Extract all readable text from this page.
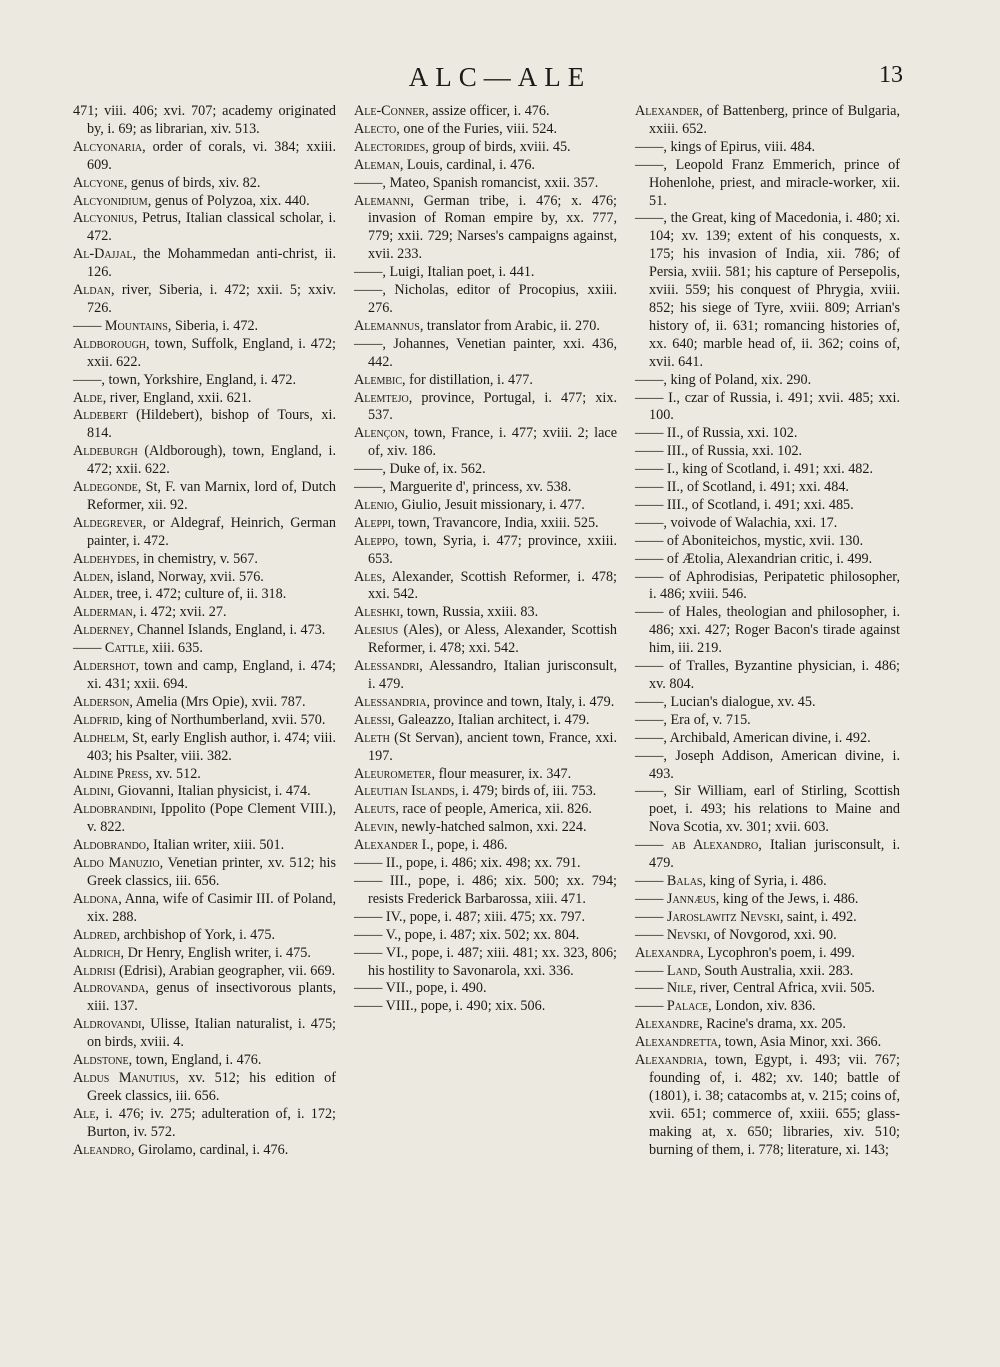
ALC—ALE	13

471; viii. 406; xvi. 707; academy originated by, i. 69; as librarian, xiv. 513.

Alcyonaria, order of corals, vi. 384; xxiii. 609.

Alcyone, genus of birds, xiv. 82.

Alcyonidium, genus of Polyzoa, xix. 440.

Alcyonius, Petrus, Italian classical scholar, i. 472.

Al-Dajjal, the Mohammedan anti-christ, ii. 126.

Aldan, river, Siberia, i. 472; xxii. 5; xxiv. 726.

—— Mountains, Siberia, i. 472.

Aldborough, town, Suffolk, England, i. 472; xxii. 622.

——, town, Yorkshire, England, i. 472.

Alde, river, England, xxii. 621.

Aldebert (Hildebert), bishop of Tours, xi. 814.

Aldeburgh (Aldborough), town, England, i. 472; xxii. 622.

Aldegonde, St, F. van Marnix, lord of, Dutch Reformer, xii. 92.

Aldegrever, or Aldegraf, Heinrich, German painter, i. 472.

Aldehydes, in chemistry, v. 567.

Alden, island, Norway, xvii. 576.

Alder, tree, i. 472; culture of, ii. 318.

Alderman, i. 472; xvii. 27.

Alderney, Channel Islands, England, i. 473.

—— Cattle, xiii. 635.

Aldershot, town and camp, England, i. 474; xi. 431; xxii. 694.

Alderson, Amelia (Mrs Opie), xvii. 787.

Aldfrid, king of Northumberland, xvii. 570.

Aldhelm, St, early English author, i. 474; viii. 403; his Psalter, viii. 382.

Aldine Press, xv. 512.

Aldini, Giovanni, Italian physicist, i. 474.

Aldobrandini, Ippolito (Pope Clement VIII.), v. 822.

Aldobrando, Italian writer, xiii. 501.

Aldo Manuzio, Venetian printer, xv. 512; his Greek classics, iii. 656.

Aldona, Anna, wife of Casimir III. of Poland, xix. 288.

Aldred, archbishop of York, i. 475.

Aldrich, Dr Henry, English writer, i. 475.

Aldrisi (Edrisi), Arabian geographer, vii. 669.

Aldrovanda, genus of insectivorous plants, xiii. 137.

Aldrovandi, Ulisse, Italian naturalist, i. 475; on birds, xviii. 4.

Aldstone, town, England, i. 476.

Aldus Manutius, xv. 512; his edition of Greek classics, iii. 656.

Ale, i. 476; iv. 275; adulteration of, i. 172; Burton, iv. 572.

Aleandro, Girolamo, cardinal, i. 476.

Ale-Conner, assize officer, i. 476.

Alecto, one of the Furies, viii. 524.

Alectorides, group of birds, xviii. 45.

Aleman, Louis, cardinal, i. 476.

——, Mateo, Spanish romancist, xxii. 357.

Alemanni, German tribe, i. 476; x. 476; invasion of Roman empire by, xx. 777, 779; xxii. 729; Narses's campaigns against, xvii. 233.

——, Luigi, Italian poet, i. 441.

——, Nicholas, editor of Procopius, xxiii. 276.

Alemannus, translator from Arabic, ii. 270.

——, Johannes, Venetian painter, xxi. 436, 442.

Alembic, for distillation, i. 477.

Alemtejo, province, Portugal, i. 477; xix. 537.

Alençon, town, France, i. 477; xviii. 2; lace of, xiv. 186.

——, Duke of, ix. 562.

——, Marguerite d', princess, xv. 538.

Alenio, Giulio, Jesuit missionary, i. 477.

Aleppi, town, Travancore, India, xxiii. 525.

Aleppo, town, Syria, i. 477; province, xxiii. 653.

Ales, Alexander, Scottish Reformer, i. 478; xxi. 542.

Aleshki, town, Russia, xxiii. 83.

Alesius (Ales), or Aless, Alexander, Scottish Reformer, i. 478; xxi. 542.

Alessandri, Alessandro, Italian jurisconsult, i. 479.

Alessandria, province and town, Italy, i. 479.

Alessi, Galeazzo, Italian architect, i. 479.

Aleth (St Servan), ancient town, France, xxi. 197.

Aleurometer, flour measurer, ix. 347.

Aleutian Islands, i. 479; birds of, iii. 753.

Aleuts, race of people, America, xii. 826.

Alevin, newly-hatched salmon, xxi. 224.

Alexander I., pope, i. 486.

—— II., pope, i. 486; xix. 498; xx. 791.

—— III., pope, i. 486; xix. 500; xx. 794; resists Frederick Barbarossa, xiii. 471.

—— IV., pope, i. 487; xiii. 475; xx. 797.

—— V., pope, i. 487; xix. 502; xx. 804.

—— VI., pope, i. 487; xiii. 481; xx. 323, 806; his hostility to Savonarola, xxi. 336.

—— VII., pope, i. 490.

—— VIII., pope, i. 490; xix. 506.

Alexander, of Battenberg, prince of Bulgaria, xxiii. 652.

——, kings of Epirus, viii. 484.

——, Leopold Franz Emmerich, prince of Hohenlohe, priest, and miracle-worker, xii. 51.

——, the Great, king of Macedonia, i. 480; xi. 104; xv. 139; extent of his conquests, x. 175; his invasion of India, xii. 786; of Persia, xviii. 581; his capture of Persepolis, xviii. 559; his conquest of Phrygia, xviii. 852; his siege of Tyre, xviii. 809; Arrian's history of, ii. 631; romancing histories of, xx. 640; marble head of, ii. 362; coins of, xvii. 641.

——, king of Poland, xix. 290.

—— I., czar of Russia, i. 491; xvii. 485; xxi. 100.

—— II., of Russia, xxi. 102.

—— III., of Russia, xxi. 102.

—— I., king of Scotland, i. 491; xxi. 482.

—— II., of Scotland, i. 491; xxi. 484.

—— III., of Scotland, i. 491; xxi. 485.

——, voivode of Walachia, xxi. 17.

—— of Aboniteichos, mystic, xvii. 130.

—— of Ætolia, Alexandrian critic, i. 499.

—— of Aphrodisias, Peripatetic philosopher, i. 486; xviii. 546.

—— of Hales, theologian and philosopher, i. 486; xxi. 427; Roger Bacon's tirade against him, iii. 219.

—— of Tralles, Byzantine physician, i. 486; xv. 804.

——, Lucian's dialogue, xv. 45.

——, Era of, v. 715.

——, Archibald, American divine, i. 492.

——, Joseph Addison, American divine, i. 493.

——, Sir William, earl of Stirling, Scottish poet, i. 493; his relations to Maine and Nova Scotia, xv. 301; xvii. 603.

—— ab Alexandro, Italian jurisconsult, i. 479.

—— Balas, king of Syria, i. 486.

—— Jannæus, king of the Jews, i. 486.

—— Jaroslawitz Nevski, saint, i. 492.

—— Nevski, of Novgorod, xxi. 90.

Alexandra, Lycophron's poem, i. 499.

—— Land, South Australia, xxii. 283.

—— Nile, river, Central Africa, xvii. 505.

—— Palace, London, xiv. 836.

Alexandre, Racine's drama, xx. 205.

Alexandretta, town, Asia Minor, xxi. 366.

Alexandria, town, Egypt, i. 493; vii. 767; founding of, i. 482; xv. 140; battle of (1801), i. 38; catacombs at, v. 215; coins of, xvii. 651; commerce of, xxiii. 655; glass-making at, x. 650; libraries, xiv. 510; burning of them, i. 778; literature, xi. 143;
